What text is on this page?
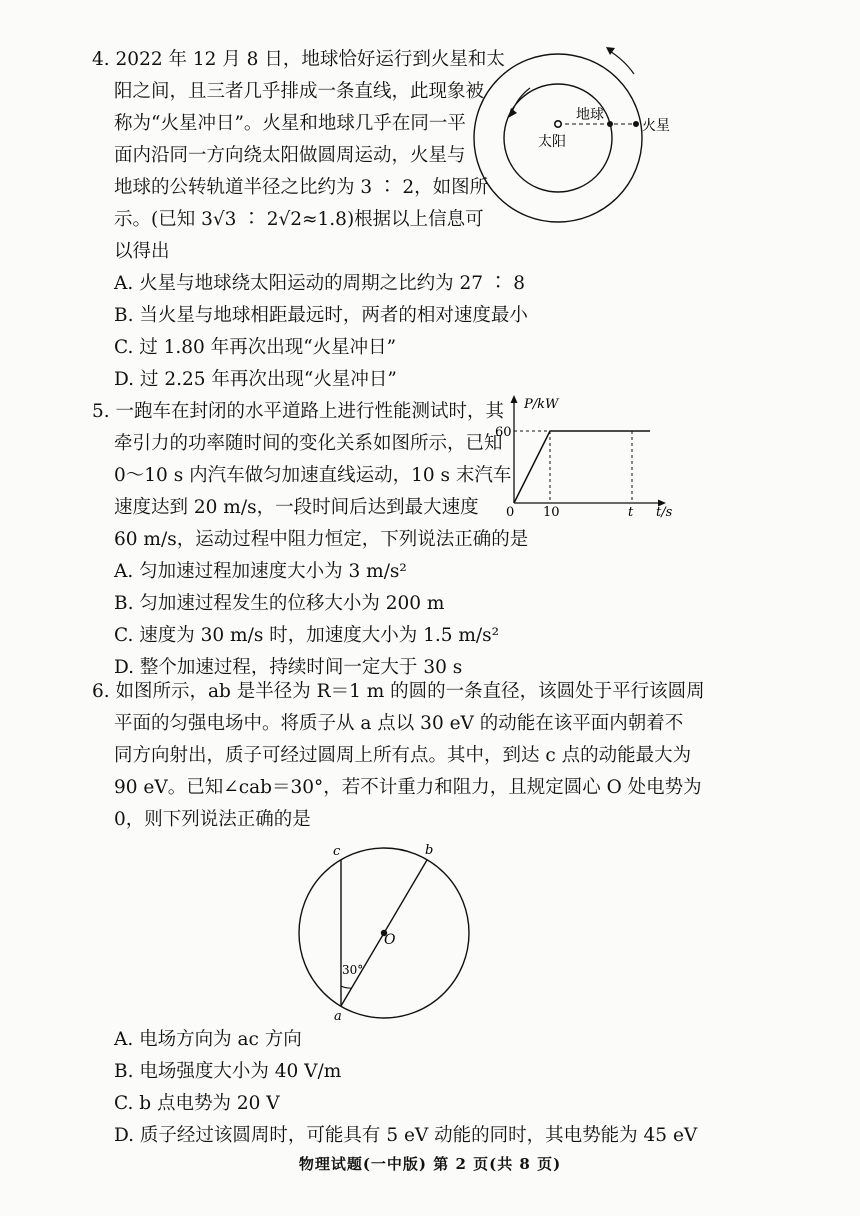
4. 2022 年 12 月 8 日，地球恰好运行到火星和太
阳之间，且三者几乎排成一条直线，此现象被
称为“火星冲日”。火星和地球几乎在同一平
面内沿同一方向绕太阳做圆周运动，火星与
地球的公转轨道半径之比约为 3 ∶ 2，如图所
示。(已知 3√3 ∶ 2√2≈1.8)根据以上信息可
以得出
A. 火星与地球绕太阳运动的周期之比约为 27 ∶ 8
B. 当火星与地球相距最远时，两者的相对速度最小
C. 过 1.80 年再次出现“火星冲日”
D. 过 2.25 年再次出现“火星冲日”
地球
火星
太阳
5. 一跑车在封闭的水平道路上进行性能测试时，其
牵引力的功率随时间的变化关系如图所示，已知
0～10 s 内汽车做匀加速直线运动，10 s 末汽车
速度达到 20 m/s，一段时间后达到最大速度
60 m/s，运动过程中阻力恒定，下列说法正确的是
A. 匀加速过程加速度大小为 3 m/s²
B. 匀加速过程发生的位移大小为 200 m
C. 速度为 30 m/s 时，加速度大小为 1.5 m/s²
D. 整个加速过程，持续时间一定大于 30 s
P/kW
t/s
60
0 10	t
6. 如图所示，ab 是半径为 R＝1 m 的圆的一条直径，该圆处于平行该圆周
平面的匀强电场中。将质子从 a 点以 30 eV 的动能在该平面内朝着不
同方向射出，质子可经过圆周上所有点。其中，到达 c 点的动能最大为
90 eV。已知∠cab＝30°，若不计重力和阻力，且规定圆心 O 处电势为
0，则下列说法正确的是
c	b
a
O
30°
A. 电场方向为 ac 方向
B. 电场强度大小为 40 V/m
C. b 点电势为 20 V
D. 质子经过该圆周时，可能具有 5 eV 动能的同时，其电势能为 45 eV
物理试题(一中版) 第 2 页(共 8 页)
